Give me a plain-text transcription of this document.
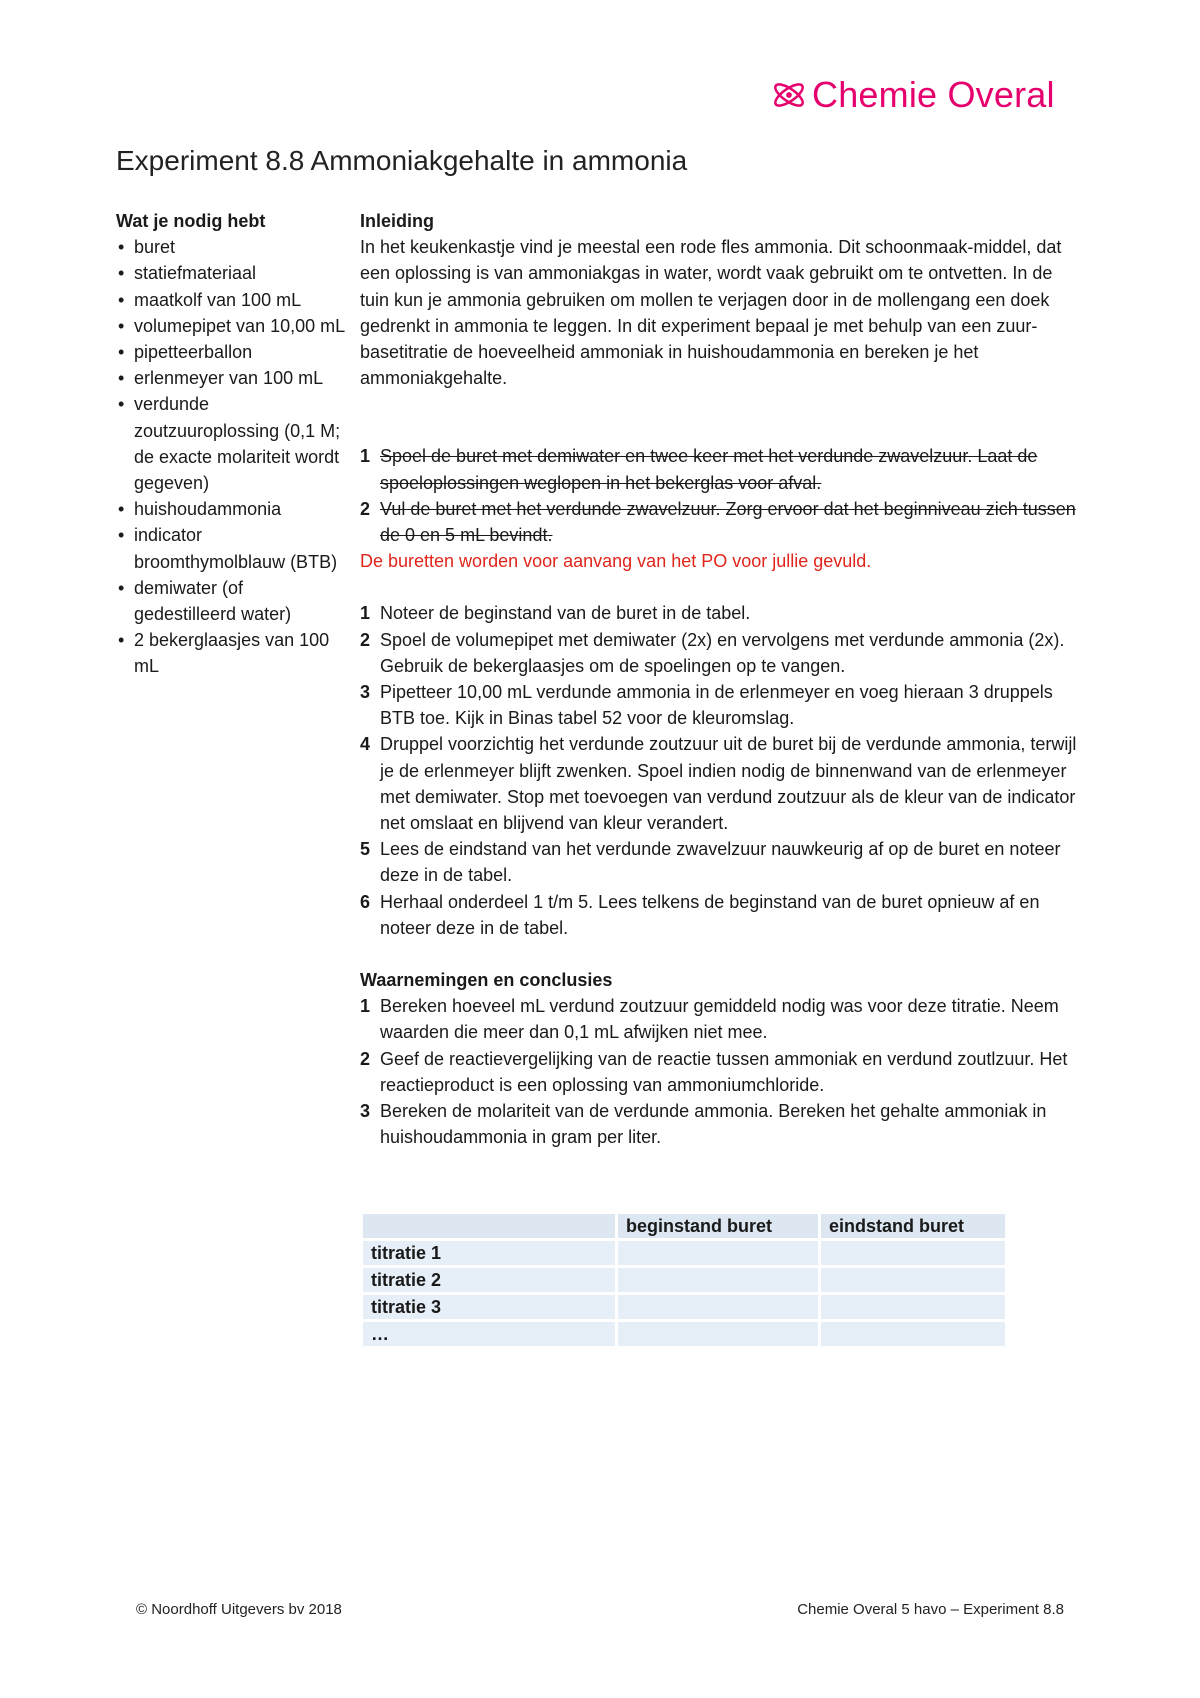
Chemie Overal
Experiment 8.8 Ammoniakgehalte in ammonia
Wat je nodig hebt
• buret
• statiefmateriaal
• maatkolf van 100 mL
• volumepipet van 10,00 mL
• pipetteerballon
• erlenmeyer van 100 mL
• verdunde zoutzuuroplossing (0,1 M; de exacte molariteit wordt gegeven)
• huishoudammonia
• indicator broomthymolblauw (BTB)
• demiwater (of gedestilleerd water)
• 2 bekerglaasjes van 100 mL
Inleiding

In het keukenkastje vind je meestal een rode fles ammonia. Dit schoonmaak-middel, dat een oplossing is van ammoniakgas in water, wordt vaak gebruikt om te ontvetten. In de tuin kun je ammonia gebruiken om mollen te verjagen door in de mollengang een doek gedrenkt in ammonia te leggen. In dit experiment bepaal je met behulp van een zuur-basetitratie de hoeveelheid ammoniak in huishoudammonia en bereken je het ammoniakgehalte.

1 Spoel de buret met demiwater en twee keer met het verdunde zwavelzuur. Laat de spoeloplossingen weglopen in het bekerglas voor afval.
2 Vul de buret met het verdunde zwavelzuur. Zorg ervoor dat het beginniveau zich tussen de 0 en 5 mL bevindt.

De buretten worden voor aanvang van het PO voor jullie gevuld.

1 Noteer de beginstand van de buret in de tabel.
2 Spoel de volumepipet met demiwater (2x) en vervolgens met verdunde ammonia (2x). Gebruik de bekerglaasjes om de spoelingen op te vangen.
3 Pipetteer 10,00 mL verdunde ammonia in de erlenmeyer en voeg hieraan 3 druppels BTB toe. Kijk in Binas tabel 52 voor de kleuromslag.
4 Druppel voorzichtig het verdunde zoutzuur uit de buret bij de verdunde ammonia, terwijl je de erlenmeyer blijft zwenken. Spoel indien nodig de binnenwand van de erlenmeyer met demiwater. Stop met toevoegen van verdund zoutzuur als de kleur van de indicator net omslaat en blijvend van kleur verandert.
5 Lees de eindstand van het verdunde zwavelzuur nauwkeurig af op de buret en noteer deze in de tabel.
6 Herhaal onderdeel 1 t/m 5. Lees telkens de beginstand van de buret opnieuw af en noteer deze in de tabel.
Waarnemingen en conclusies
1 Bereken hoeveel mL verdund zoutzuur gemiddeld nodig was voor deze titratie. Neem waarden die meer dan 0,1 mL afwijken niet mee.
2 Geef de reactievergelijking van de reactie tussen ammoniak en verdund zoutlzuur. Het reactieproduct is een oplossing van ammoniumchloride.
3 Bereken de molariteit van de verdunde ammonia. Bereken het gehalte ammoniak in huishoudammonia in gram per liter.
	beginstand buret	eindstand buret
titratie 1		
titratie 2		
titratie 3		
…		
© Noordhoff Uitgevers bv 2018	Chemie Overal 5 havo – Experiment 8.8
